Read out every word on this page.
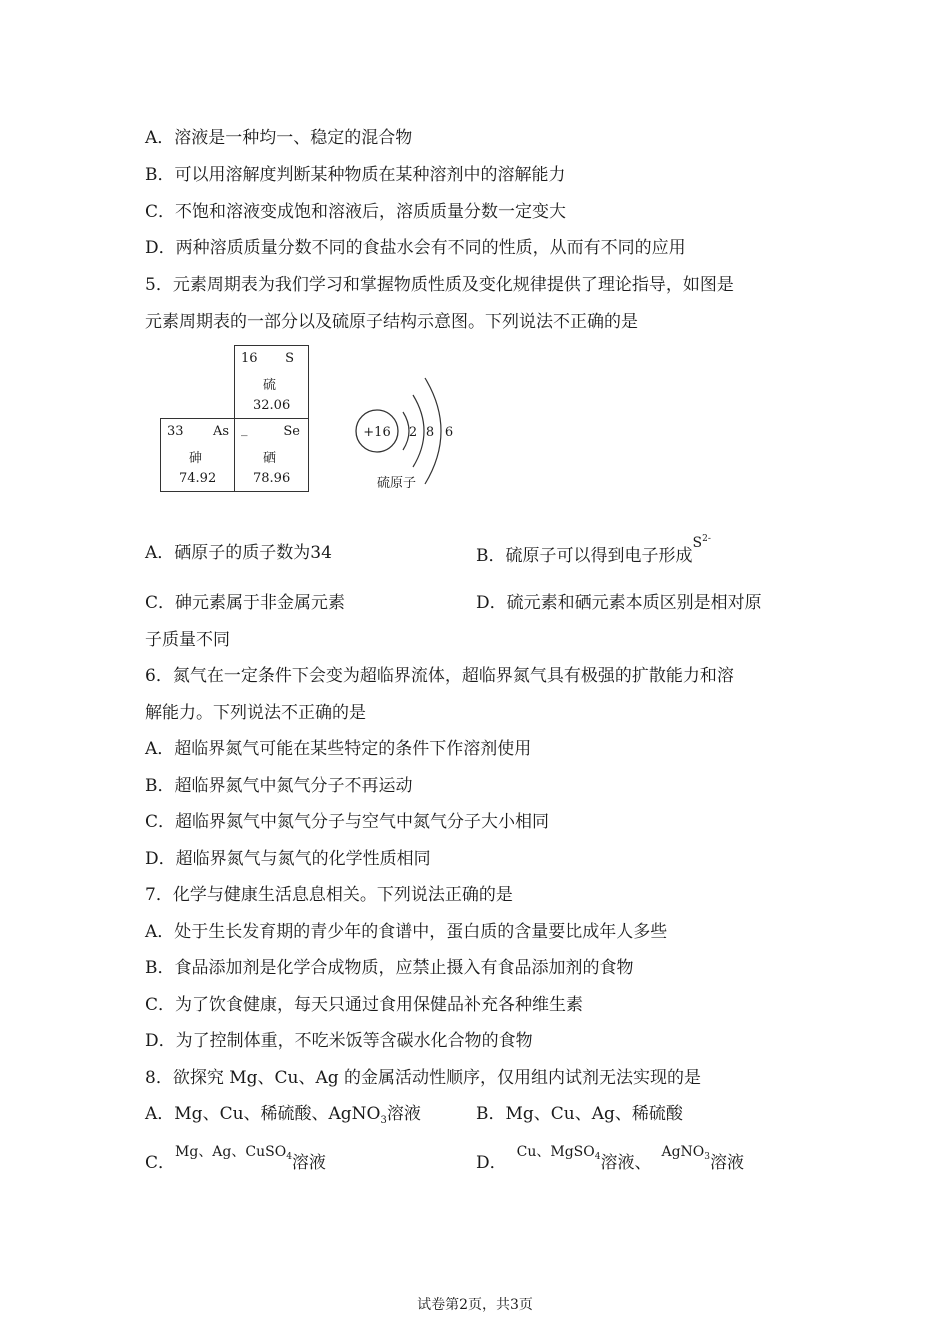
A．溶液是一种均一、稳定的混合物
B．可以用溶解度判断某种物质在某种溶剂中的溶解能力
C．不饱和溶液变成饱和溶液后，溶质质量分数一定变大
D．两种溶质质量分数不同的食盐水会有不同的性质，从而有不同的应用
5．元素周期表为我们学习和掌握物质性质及变化规律提供了理论指导，如图是
元素周期表的一部分以及硫原子结构示意图。下列说法不正确的是
16 S
硫
32.06
33 As
砷
74.92
_	Se
硒
78.96
+16 2 8 6
硫原子
A．硒原子的质子数为34	B．硫原子可以得到电子形成$^{S^{2-}}$
C．砷元素属于非金属元素	D．硫元素和硒元素本质区别是相对原
子质量不同
6．氮气在一定条件下会变为超临界流体，超临界氮气具有极强的扩散能力和溶
解能力。下列说法不正确的是
A．超临界氮气可能在某些特定的条件下作溶剂使用
B．超临界氮气中氮气分子不再运动
C．超临界氮气中氮气分子与空气中氮气分子大小相同
D．超临界氮气与氮气的化学性质相同
7．化学与健康生活息息相关。下列说法正确的是
A．处于生长发育期的青少年的食谱中，蛋白质的含量要比成年人多些
B．食品添加剂是化学合成物质，应禁止摄入有食品添加剂的食物
C．为了饮食健康，每天只通过食用保健品补充各种维生素
D．为了控制体重，不吃米饭等含碳水化合物的食物
8．欲探究 Mg、Cu、Ag 的金属活动性顺序，仅用组内试剂无法实现的是
A．Mg、Cu、稀硫酸、AgNO$_3$溶液	B．Mg、Cu、Ag、稀硫酸
C．$^{Mg、Ag、CuSO_4}$溶液	D．$^{Cu、MgSO_4}$溶液、$^{AgNO_3}$溶液
试卷第2页，共3页
